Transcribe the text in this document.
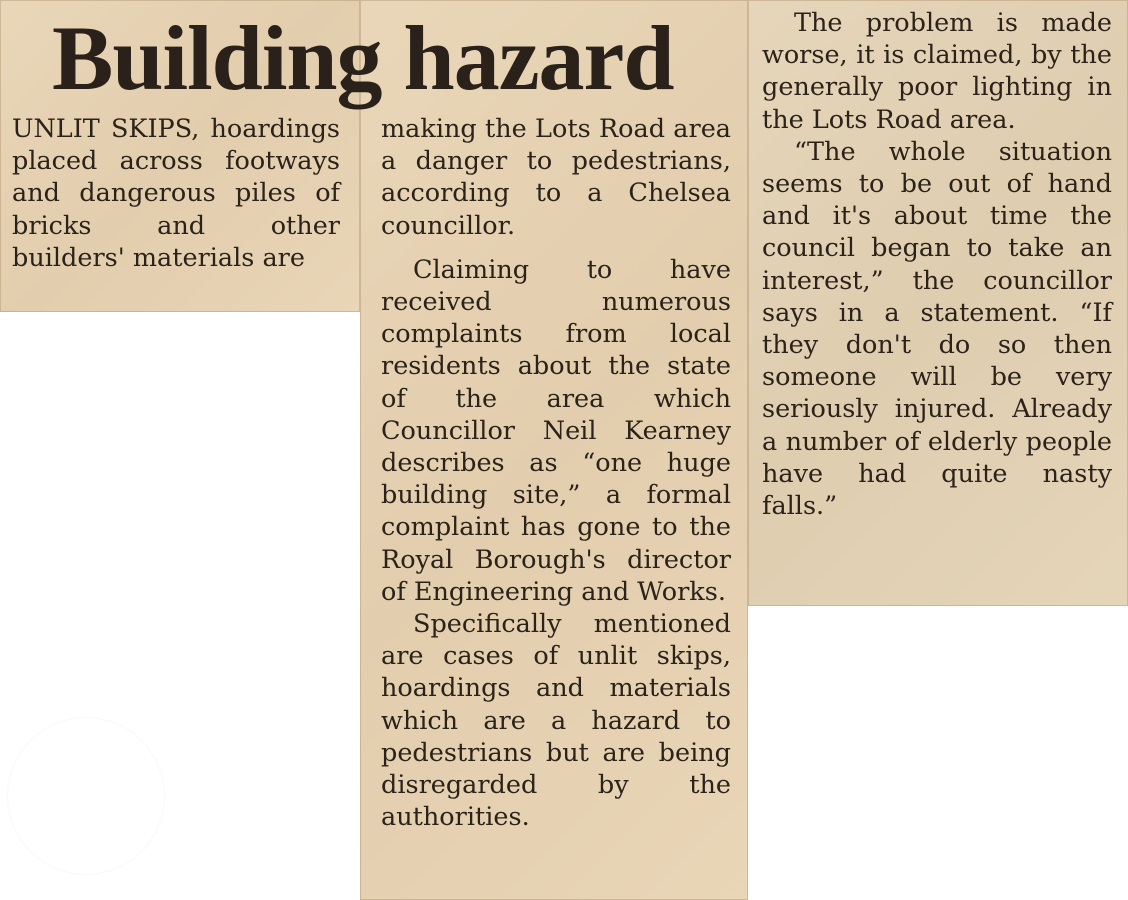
Building hazard

UNLIT SKIPS, hoardings placed across footways and dangerous piles of bricks and other builders' materials are

making the Lots Road area a danger to pedestrians, according to a Chelsea councillor.

Claiming to have received numerous complaints from local residents about the state of the area which Councillor Neil Kearney describes as “one huge building site,” a formal complaint has gone to the Royal Borough's director of Engineering and Works.

Specifically mentioned are cases of unlit skips, hoardings and materials which are a hazard to pedestrians but are being disregarded by the authorities.

The problem is made worse, it is claimed, by the generally poor lighting in the Lots Road area.

“The whole situation seems to be out of hand and it's about time the council began to take an interest,” the councillor says in a statement. “If they don't do so then someone will be very seriously injured. Already a number of elderly people have had quite nasty falls.”
